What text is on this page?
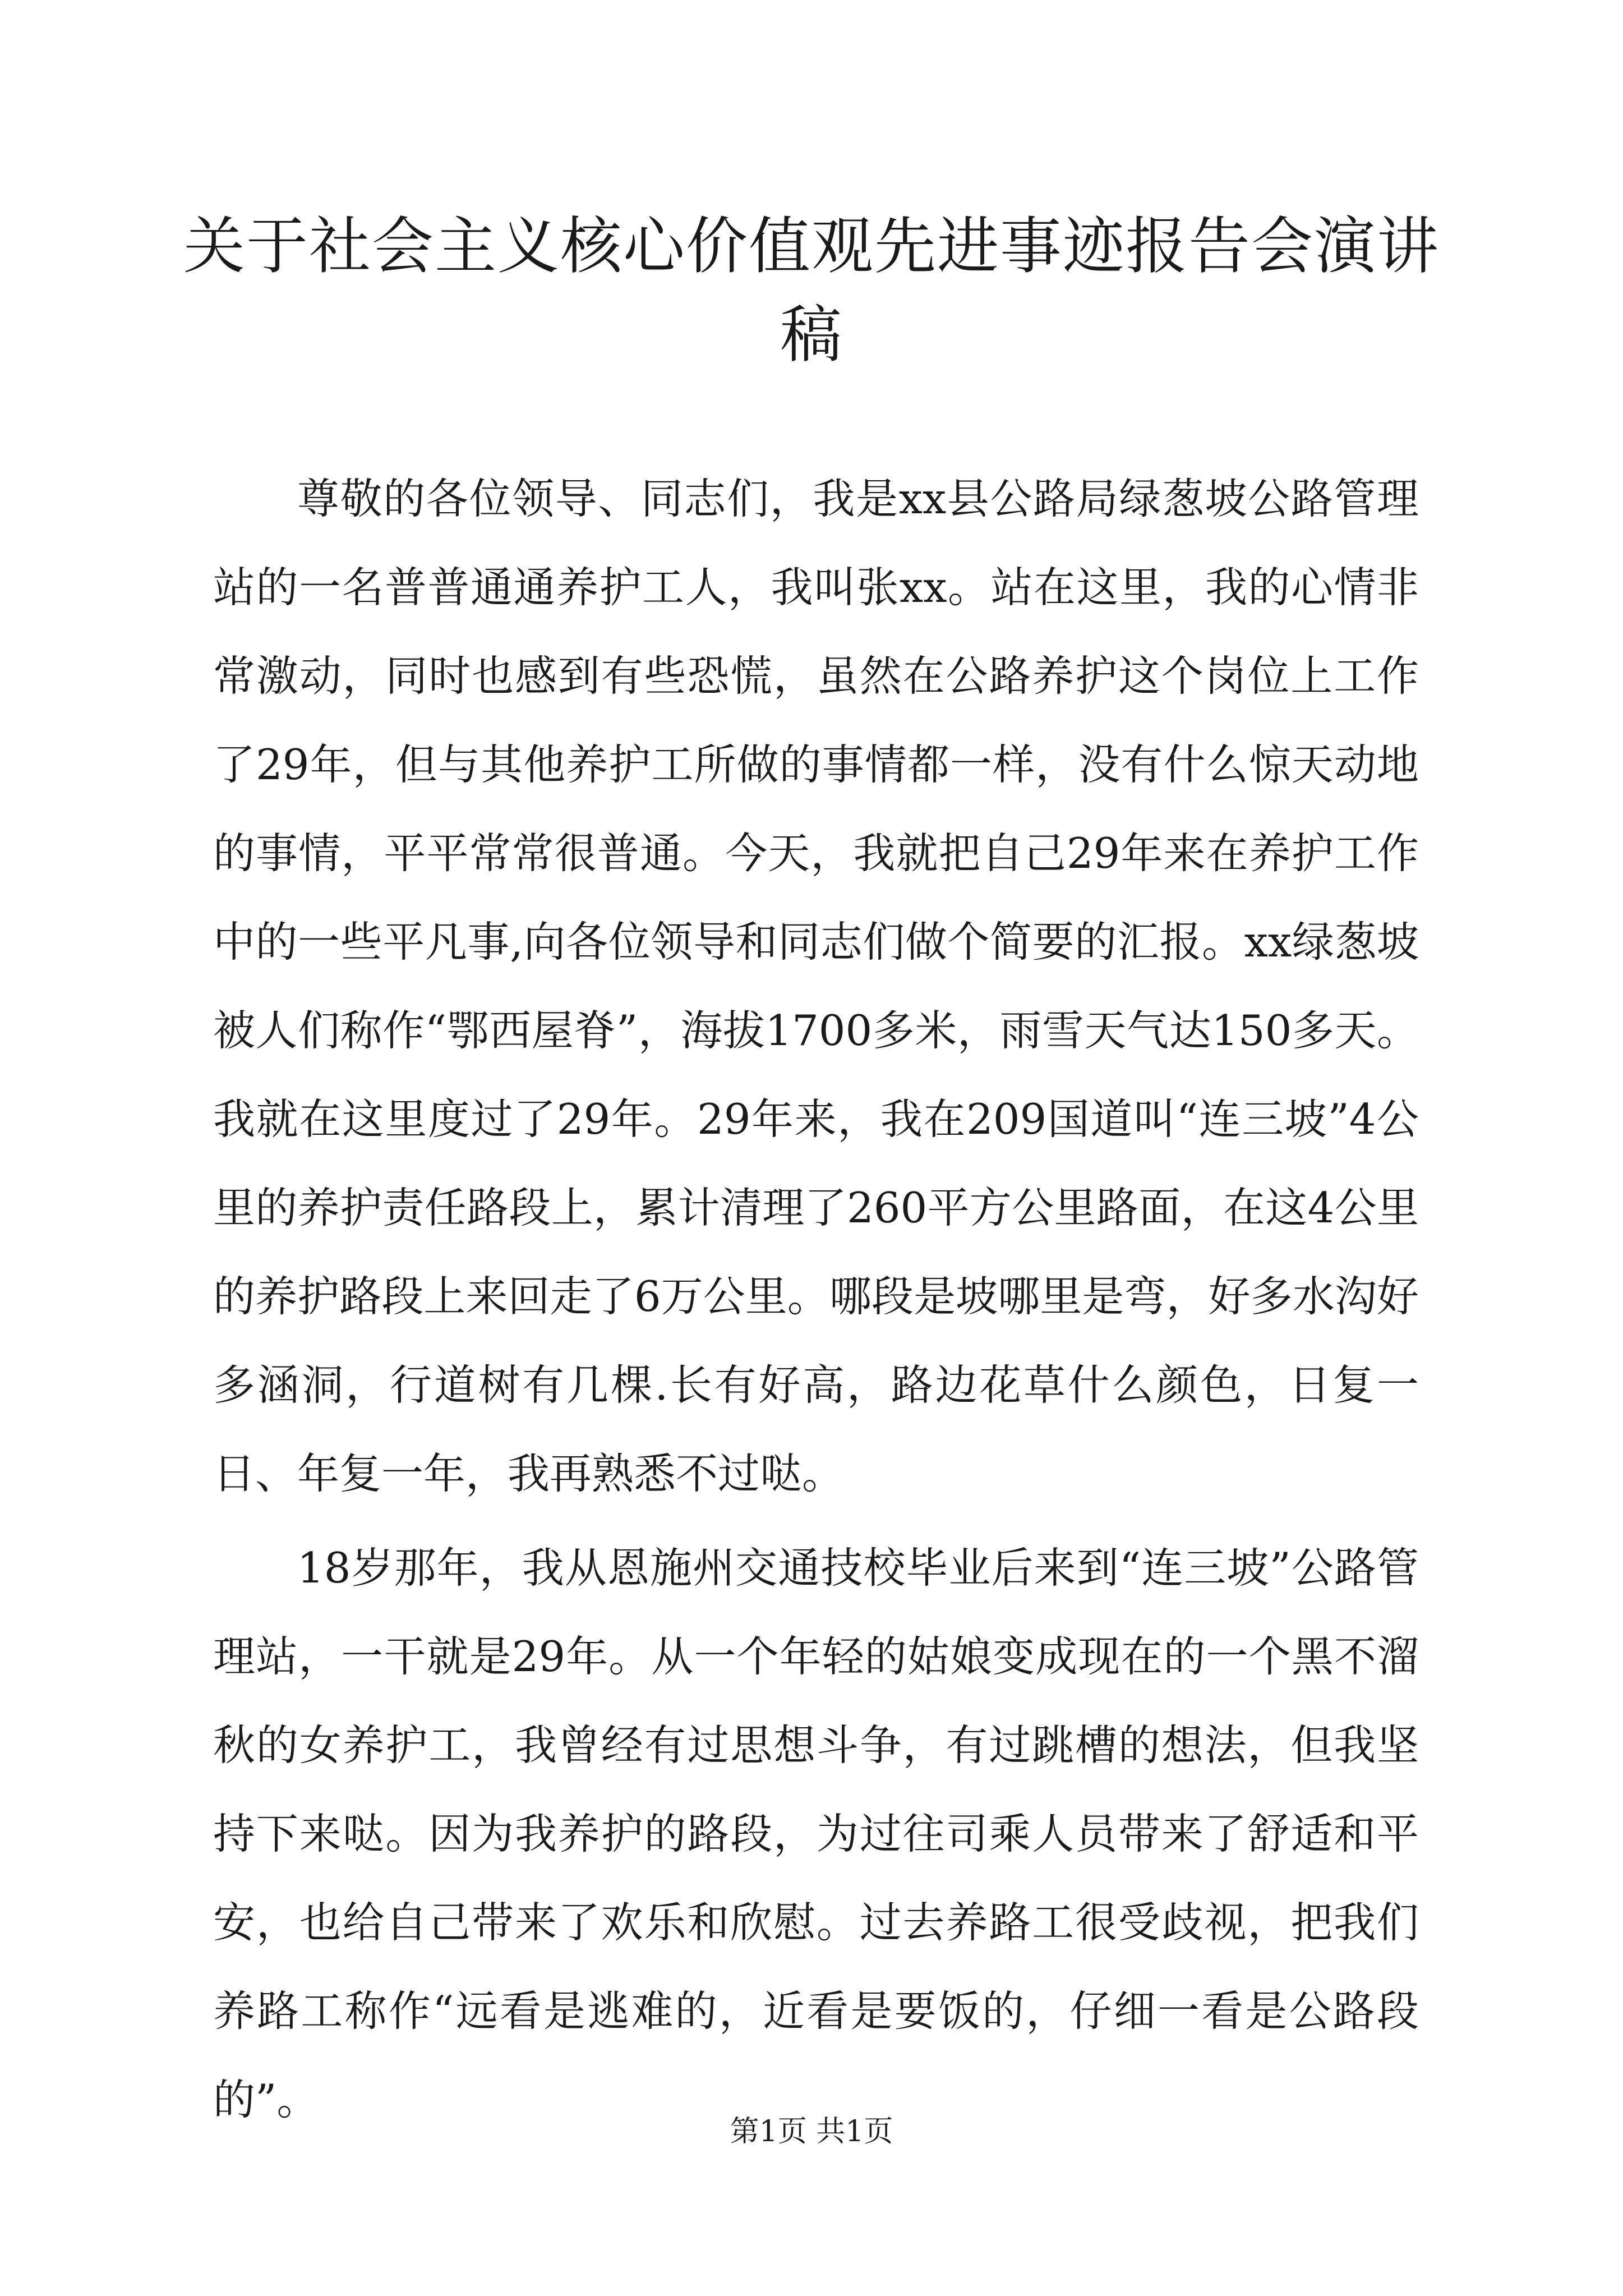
关于社会主义核心价值观先进事迹报告会演讲稿

尊敬的各位领导、同志们，我是xx县公路局绿葱坡公路管理站的一名普普通通养护工人，我叫张xx。站在这里，我的心情非常激动，同时也感到有些恐慌，虽然在公路养护这个岗位上工作了29年，但与其他养护工所做的事情都一样，没有什么惊天动地的事情，平平常常很普通。今天，我就把自己29年来在养护工作中的一些平凡事,向各位领导和同志们做个简要的汇报。xx绿葱坡被人们称作“鄂西屋脊”，海拔1700多米，雨雪天气达150多天。我就在这里度过了29年。29年来，我在209国道叫“连三坡”4公里的养护责任路段上，累计清理了260平方公里路面，在这4公里的养护路段上来回走了6万公里。哪段是坡哪里是弯，好多水沟好多涵洞，行道树有几棵.长有好高，路边花草什么颜色，日复一日、年复一年，我再熟悉不过哒。

18岁那年，我从恩施州交通技校毕业后来到“连三坡”公路管理站，一干就是29年。从一个年轻的姑娘变成现在的一个黑不溜秋的女养护工，我曾经有过思想斗争，有过跳槽的想法，但我坚持下来哒。因为我养护的路段，为过往司乘人员带来了舒适和平安，也给自己带来了欢乐和欣慰。过去养路工很受歧视，把我们养路工称作“远看是逃难的，近看是要饭的，仔细一看是公路段的”。

第1页 共1页
